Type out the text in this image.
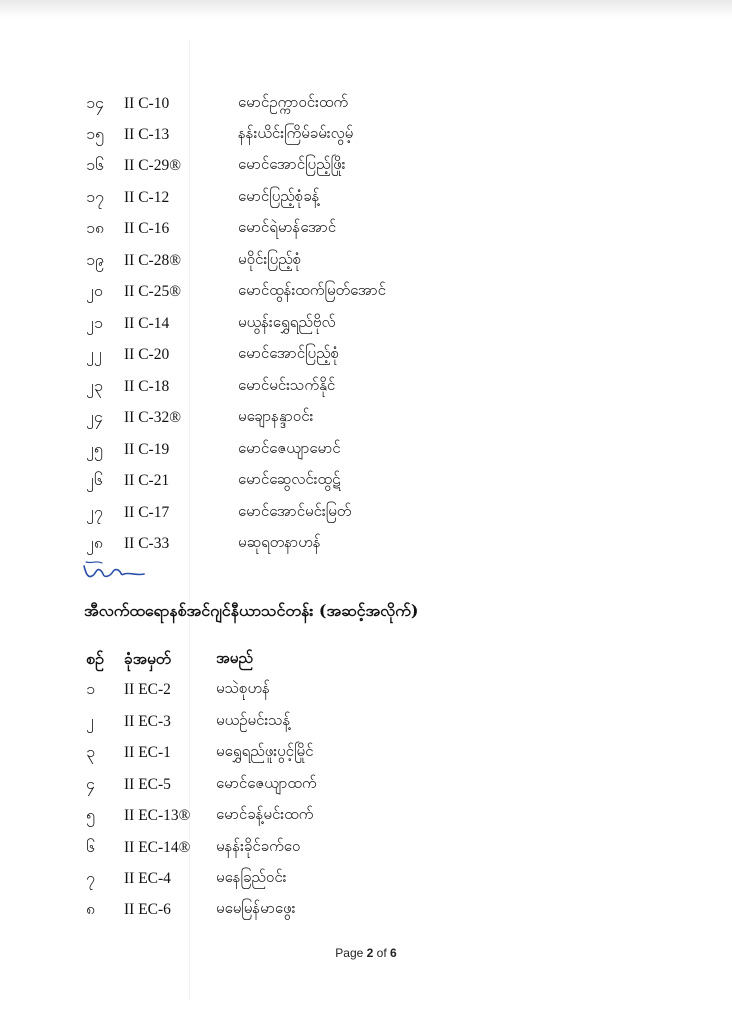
၁၄	II C-10	မောင်ဥက္ကာဝင်းထက်
၁၅	II C-13	နန်းယိင်းကြိမ်ခမ်းလွမ့်
၁၆	II C-29®	မောင်အောင်ပြည့်ဖြိုး
၁၇	II C-12	မောင်ပြည့်စုံခန့်
၁၈	II C-16	မောင်ရဲမာန်အောင်
၁၉	II C-28®	မဝိုင်းပြည့်စုံ
၂၀	II C-25®	မောင်ထွန်းထက်မြတ်အောင်
၂၁	II C-14	မယွန်းရွှေရည်ဗိုလ်
၂၂	II C-20	မောင်အောင်ပြည့်စုံ
၂၃	II C-18	မောင်မင်းသက်နိုင်
၂၄	II C-32®	မချောနန္ဒာဝင်း
၂၅	II C-19	မောင်ဇေယျာမောင်
၂၆	II C-21	မောင်ဆွေလင်းထွဋ်
၂၇	II C-17	မောင်အောင်မင်းမြတ်
၂၈	II C-33	မဆုရတနာဟန်
အီလက်ထရောနစ်အင်ဂျင်နီယာသင်တန်း (အဆင့်အလိုက်)
စဥ်	ခုံအမှတ်	အမည်
၁	II EC-2	မသဲစုဟန်
၂	II EC-3	မယဉ်မင်းသန့်
၃	II EC-1	မရွှေရည်ဖူးပွင့်မြိုင်
၄	II EC-5	မောင်ဇေယျာထက်
၅	II EC-13®	မောင်ခန့်မင်းထက်
၆	II EC-14®	မနန်းခိုင်ခက်ဝေ
၇	II EC-4	မနေခြည်ဝင်း
၈	II EC-6	မမေမြန်မာဖွေး
Page 2 of 6
